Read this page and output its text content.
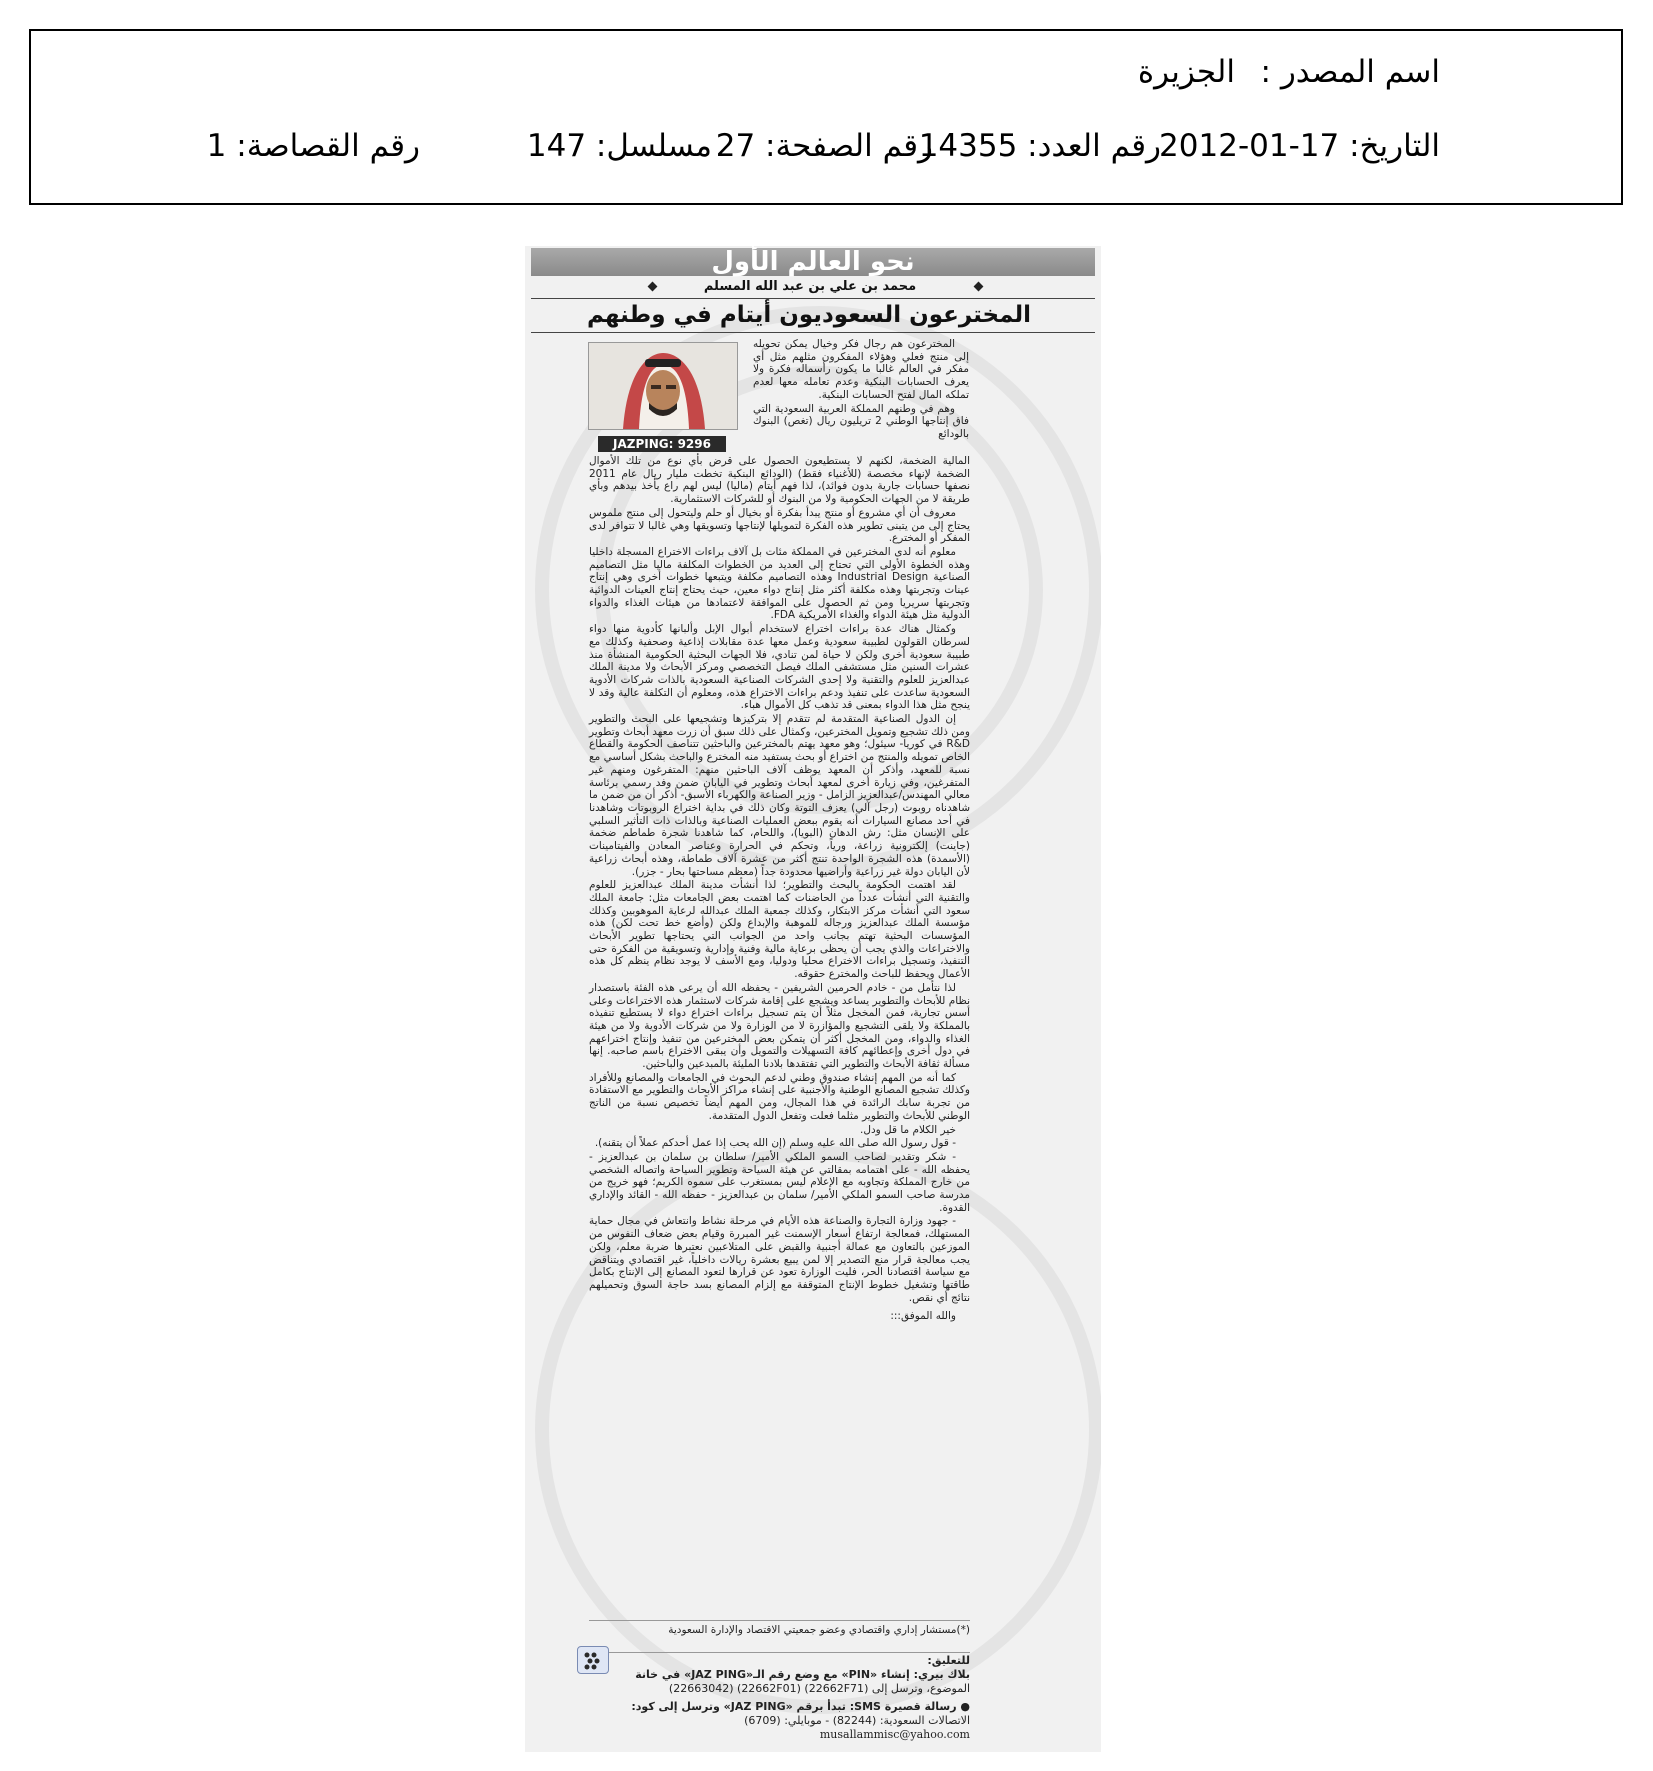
اسم المصدر :
الجزيرة
التاريخ: 17-01-2012
رقم العدد: 14355
رقم الصفحة: 27
مسلسل: 147
رقم القصاصة: 1
نحو العالم الأول
محمد بن علي بن عبد الله المسلم
المخترعون السعوديون أيتام في وطنهم
JAZPING: 9296

المخترعون هم رجال فكر وخيال يمكن تحويله إلى منتج فعلي وهؤلاء المفكرون مثلهم مثل أي مفكر في العالم غالبا ما يكون رأسماله فكرة ولا يعرف الحسابات البنكية وعدم تعامله معها لعدم تملكه المال لفتح الحسابات البنكية.

وهم في وطنهم المملكة العربية السعودية التي فاق إنتاجها الوطني 2 تريليون ريال (تغص) البنوك بالودائع

المالية الضخمة، لكنهم لا يستطيعون الحصول على قرض بأي نوع من تلك الأموال الضخمة لإنهاء مخصصة (للأغنياء فقط) (الودائع البنكية تخطت مليار ريال عام 2011 نصفها حسابات جارية بدون فوائد)، لذا فهم أيتام (ماليا) ليس لهم راع يأخذ بيدهم وبأي طريقة لا من الجهات الحكومية ولا من البنوك أو للشركات الاستثمارية.

معروف أن أي مشروع أو منتج يبدأ بفكرة أو بخيال أو حلم وليتحول إلى منتج ملموس يحتاج إلى من يتبنى تطوير هذه الفكرة لتمويلها لإنتاجها وتسويقها وهي غالبا لا تتوافر لدى المفكر أو المخترع.

معلوم أنه لدى المخترعين في المملكة مئات بل آلاف براءات الاختراع المسجلة داخليا وهذه الخطوة الأولى التي تحتاج إلى العديد من الخطوات المكلفة ماليا مثل التصاميم الصناعية Industrial Design وهذه التصاميم مكلفة ويتبعها خطوات أخرى وهي إنتاج عينات وتجربتها وهذه مكلفة أكثر مثل إنتاج دواء معين، حيث يحتاج إنتاج العينات الدوائية وتجربتها سريريا ومن ثم الحصول على الموافقة لاعتمادها من هيئات الغذاء والدواء الدولية مثل هيئة الدواء والغذاء الأمريكية FDA.

وكمثال هناك عدة براءات اختراع لاستخدام أبوال الإبل وألبانها كأدوية منها دواء لسرطان القولون لطبيبة سعودية وعمل معها عدة مقابلات إذاعية وصحفية وكذلك مع طبيبة سعودية أخرى ولكن لا حياة لمن تنادي، فلا الجهات البحثية الحكومية المنشأة منذ عشرات السنين مثل مستشفى الملك فيصل التخصصي ومركز الأبحاث ولا مدينة الملك عبدالعزيز للعلوم والتقنية ولا إحدى الشركات الصناعية السعودية بالذات شركات الأدوية السعودية ساعدت على تنفيذ ودعم براءات الاختراع هذه، ومعلوم أن التكلفة عالية وقد لا ينجح مثل هذا الدواء بمعنى قد تذهب كل الأموال هباء.

إن الدول الصناعية المتقدمة لم تتقدم إلا بتركيزها وتشجيعها على البحث والتطوير ومن ذلك تشجيع وتمويل المخترعين، وكمثال على ذلك سبق أن زرت معهد أبحاث وتطوير R&D في كوريا- سيئول؛ وهو معهد يهتم بالمخترعين والباحثين تتناصف الحكومة والقطاع الخاص تمويله والمنتج من اختراع أو بحث يستفيد منه المخترع والباحث بشكل أساسي مع نسبة للمعهد، وأذكر أن المعهد يوظف آلاف الباحثين منهم: المتفرغون ومنهم غير المتفرغين، وفي زيارة أخرى لمعهد أبحاث وتطوير في اليابان ضمن وفد رسمي برئاسة معالي المهندس/عبدالعزيز الزامل - وزير الصناعة والكهرباء الأسبق- أذكر أن من ضمن ما شاهدناه روبوت (رجل آلي) يعزف التوتة وكان ذلك في بداية اختراع الروبوتات وشاهدنا في أحد مصانع السيارات أنه يقوم ببعض العمليات الصناعية وبالذات ذات التأثير السلبي على الإنسان مثل: رش الدهان (البويا)، واللحام، كما شاهدنا شجرة طماطم ضخمة (جاينت) إلكترونية زراعة، ورياً، وتحكم في الحرارة وعناصر المعادن والفيتامينات (الأسمدة) هذه الشجرة الواحدة تنتج أكثر من عشرة آلاف طماطة، وهذه أبحاث زراعية لأن اليابان دولة غير زراعية وأراضيها محدودة جداً (معظم مساحتها بحار - جزر).

لقد اهتمت الحكومة بالبحث والتطوير؛ لذا أنشأت مدينة الملك عبدالعزيز للعلوم والتقنية التي أنشأت عدداً من الحاضنات كما اهتمت بعض الجامعات مثل: جامعة الملك سعود التي أنشأت مركز الابتكار، وكذلك جمعية الملك عبدالله لرعاية الموهوبين وكذلك مؤسسة الملك عبدالعزيز ورجاله للموهبة والإبداع ولكن (وأضع خط تحت لكن) هذه المؤسسات البحثية تهتم بجانب واحد من الجوانب التي يحتاجها تطوير الأبحاث والاختراعات والذي يجب أن يحظى برعاية مالية وفنية وإدارية وتسويقية من الفكرة حتى التنفيذ، وتسجيل براءات الاختراع محليا ودوليا، ومع الأسف لا يوجد نظام ينظم كل هذه الأعمال ويحفظ للباحث والمخترع حقوقه.

لذا نتأمل من - خادم الحرمين الشريفين - يحفظه الله أن يرعى هذه الفئة باستصدار نظام للأبحاث والتطوير يساعد ويشجع على إقامة شركات لاستثمار هذه الاختراعات وعلى أسس تجارية، فمن المخجل مثلاً أن يتم تسجيل براءات اختراع دواء لا يستطيع تنفيذه بالمملكة ولا يلقى التشجيع والمؤازرة لا من الوزارة ولا من شركات الأدوية ولا من هيئة الغذاء والدواء، ومن المخجل أكثر أن يتمكن بعض المخترعين من تنفيذ وإنتاج اختراعهم في دول أخرى وإعطائهم كافة التسهيلات والتمويل وأن يبقى الاختراع باسم صاحبه. إنها مسألة ثقافة الأبحاث والتطوير التي تفتقدها بلادنا المليئة بالمبدعين والباحثين.

كما أنه من المهم إنشاء صندوق وطني لدعم البحوث في الجامعات والمصانع وللأفراد وكذلك تشجيع المصانع الوطنية والأجنبية على إنشاء مراكز الأبحاث والتطوير مع الاستفادة من تجربة سابك الرائدة في هذا المجال، ومن المهم أيضاً تخصيص نسبة من الناتج الوطني للأبحاث والتطوير مثلما فعلت وتفعل الدول المتقدمة.

خير الكلام ما قل ودل.

- قول رسول الله صلى الله عليه وسلم (إن الله يحب إذا عمل أحدكم عملاً أن يتقنه).

- شكر وتقدير لصاحب السمو الملكي الأمير/ سلطان بن سلمان بن عبدالعزيز - يحفظه الله - على اهتمامه بمقالتي عن هيئة السياحة وتطوير السياحة واتصاله الشخصي من خارج المملكة وتجاوبه مع الإعلام ليس بمستغرب على سموه الكريم؛ فهو خريج من مدرسة صاحب السمو الملكي الأمير/ سلمان بن عبدالعزيز - حفظه الله - القائد والإداري القدوة.

- جهود وزارة التجارة والصناعة هذه الأيام في مرحلة نشاط وانتعاش في مجال حماية المستهلك، فمعالجة ارتفاع أسعار الإسمنت غير المبررة وقيام بعض ضعاف النفوس من الموزعين بالتعاون مع عمالة أجنبية والقبض على المتلاعبين نعتبرها ضربة معلم، ولكن يجب معالجة قرار منع التصدير إلا لمن يبيع بعشرة ريالات داخلياً، غير اقتصادي ويتناقض مع سياسة اقتصادنا الحر، فليت الوزارة تعود عن قرارها لتعود المصانع إلى الإنتاج بكامل طاقتها وتشغيل خطوط الإنتاج المتوقفة مع إلزام المصانع بسد حاجة السوق وتحميلهم نتائج أي نقص.

والله الموفق:::

(*)مستشار إداري واقتصادي وعضو جمعيتي الاقتصاد والإدارة السعودية
للتعليق:
بلاك بيري: إنشاء «PIN» مع وضع رقم الـ«JAZ PING» في خانة
الموضوع، وترسل إلى (22662F71) (22662F01) (22663042)
● رسالة قصيرة SMS: تبدأ برقم «JAZ PING» وترسل إلى كود:
الاتصالات السعودية: (82244) - موبايلي: (6709)
musallammisc@yahoo.com
